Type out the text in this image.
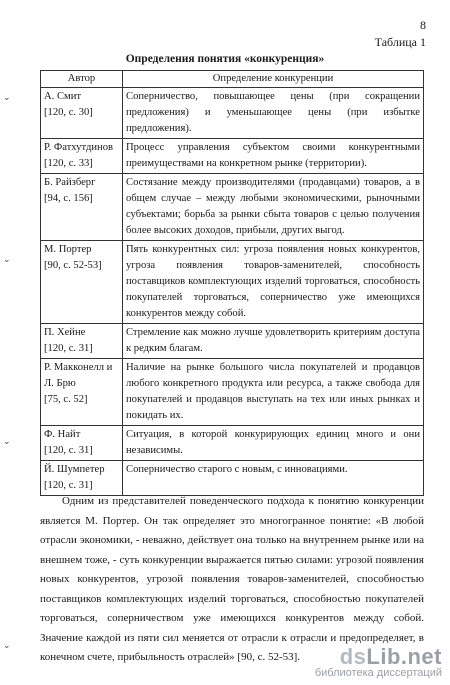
8
Таблица 1
Определения понятия «конкуренция»
⌄
⌄
⌄
⌄
Автор	Определение конкуренции

А. Смит
[120, с. 30]	Соперничество, повышающее цены (при сокращении предложения) и уменьшающее цены (при избытке предложения).

Р. Фатхутдинов
[120, с. 33]	Процесс управления субъектом своими конкурентными преимуществами на конкретном рынке (территории).

Б. Райзберг
[94, с. 156]	Состязание между производителями (продавцами) товаров, а в общем случае – между любыми экономическими, рыночными субъектами; борьба за рынки сбыта товаров с целью получения более высоких доходов, прибыли, других выгод.

М. Портер
[90, с. 52-53]	Пять конкурентных сил: угроза появления новых конкурентов, угроза появления товаров-заменителей, способность поставщиков комплектующих изделий торговаться, способность покупателей торговаться, соперничество уже имеющихся конкурентов между собой.

П. Хейне
[120, с. 31]	Стремление как можно лучше удовлетворить критериям доступа к редким благам.

Р. Макконелл и Л. Брю
[75, с. 52]	Наличие на рынке большого числа покупателей и продавцов любого конкретного продукта или ресурса, а также свобода для покупателей и продавцов выступать на тех или иных рынках и покидать их.

Ф. Найт
[120, с. 31]	Ситуация, в которой конкурирующих единиц много и они независимы.

Й. Шумпетер
[120, с. 31]	Соперничество старого с новым, с инновациями.

Одним из представителей поведенческого подхода к понятию конкуренции является М. Портер. Он так определяет это многогранное понятие: «В любой отрасли экономики, - неважно, действует она только на внутреннем рынке или на внешнем тоже, - суть конкуренции выражается пятью силами: угрозой появления новых конкурентов, угрозой появления товаров-заменителей, способностью поставщиков комплектующих изделий торговаться, способностью покупателей торговаться, соперничеством уже имеющихся конкурентов между собой. Значение каждой из пяти сил меняется от отрасли к отрасли и предопределяет, в конечном счете, прибыльность отраслей» [90, с. 52-53].	dsLib.net
библиотека диссертаций
